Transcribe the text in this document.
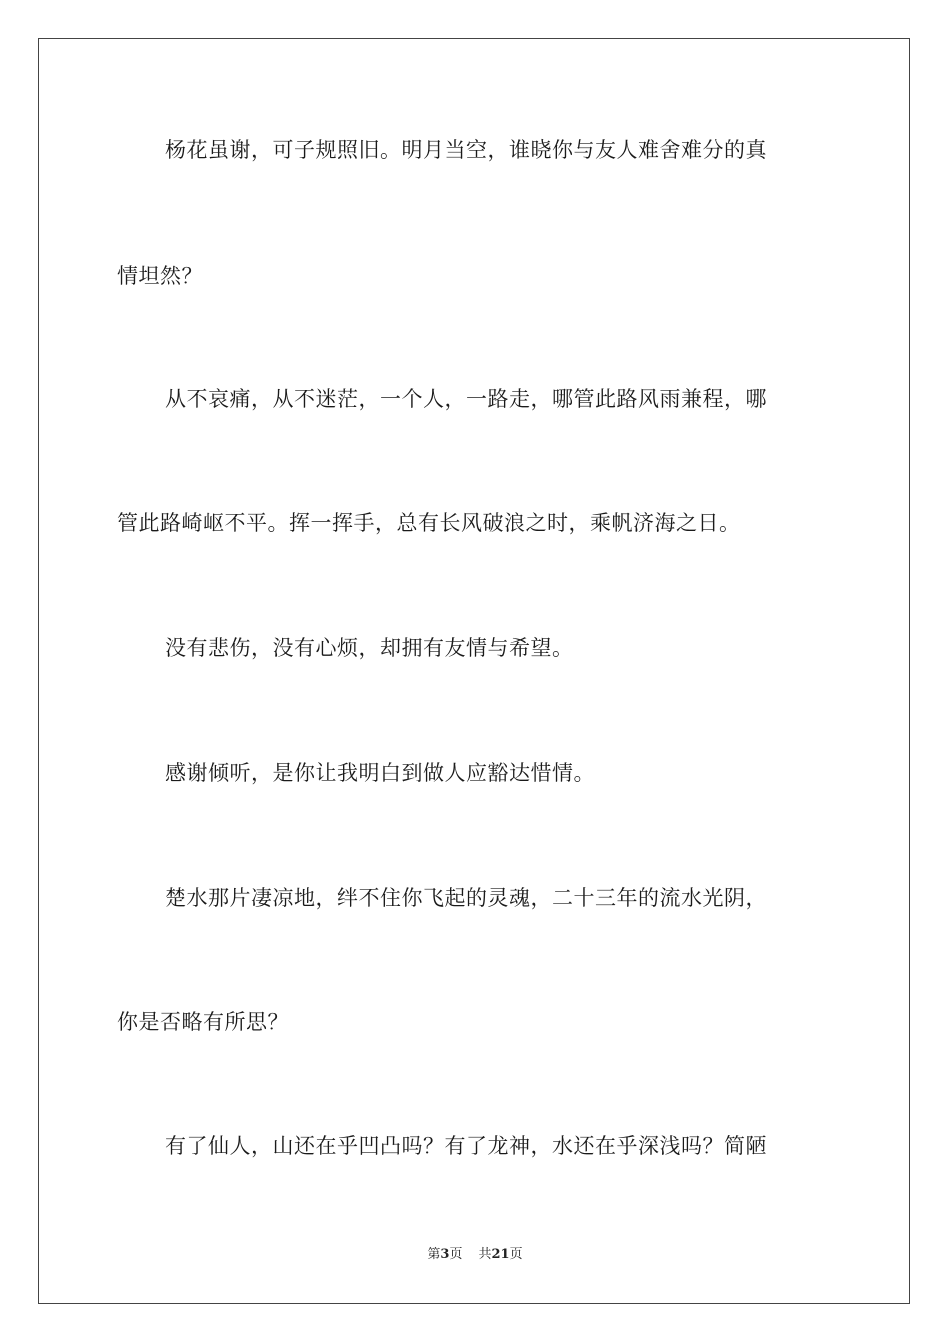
杨花虽谢，可子规照旧。明月当空，谁晓你与友人难舍难分的真
情坦然？
从不哀痛，从不迷茫，一个人，一路走，哪管此路风雨兼程，哪
管此路崎岖不平。挥一挥手，总有长风破浪之时，乘帆济海之日。
没有悲伤，没有心烦，却拥有友情与希望。
感谢倾听，是你让我明白到做人应豁达惜情。
楚水那片凄凉地，绊不住你飞起的灵魂，二十三年的流水光阴，
你是否略有所思？
有了仙人，山还在乎凹凸吗？有了龙神，水还在乎深浅吗？简陋
第3页 共21页
